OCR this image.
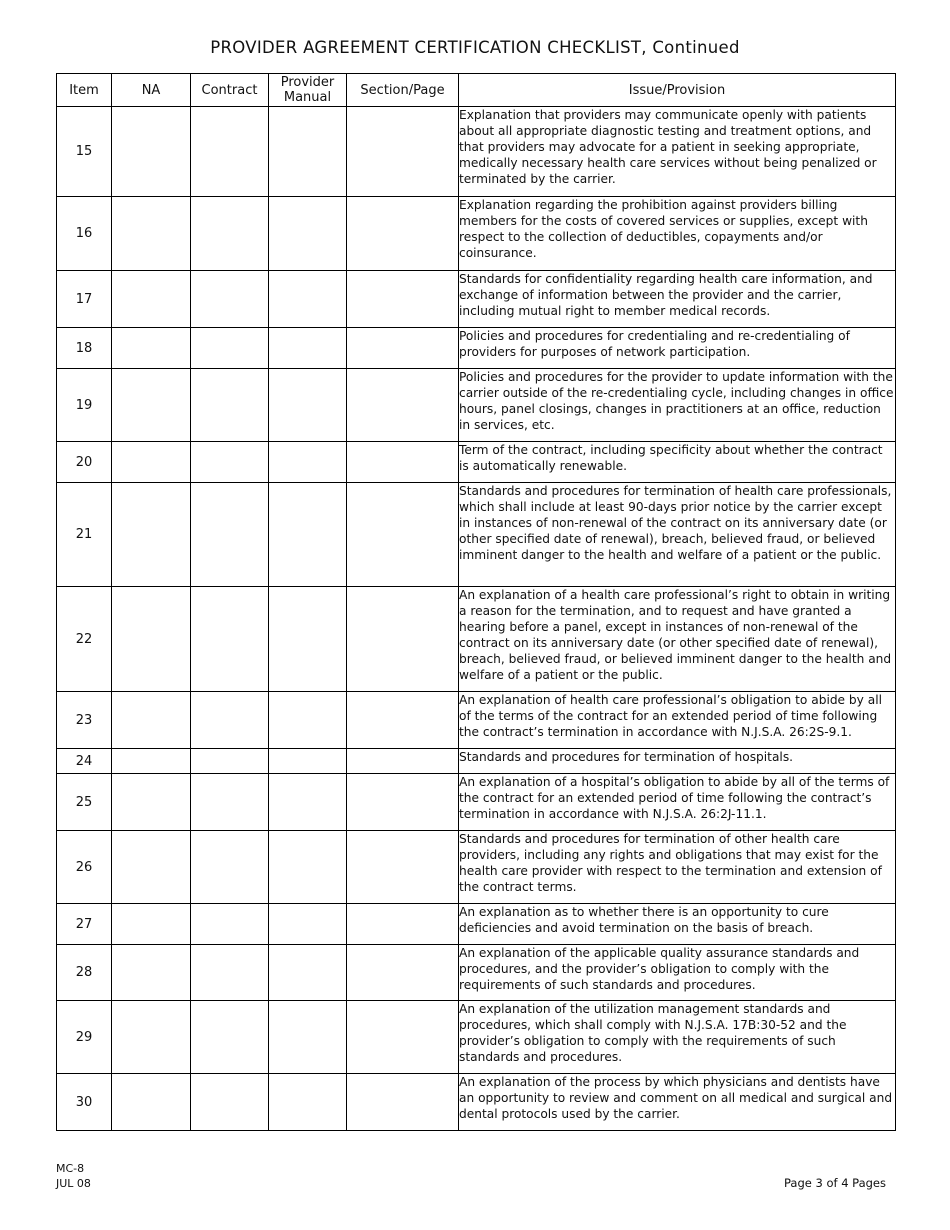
PROVIDER AGREEMENT CERTIFICATION CHECKLIST, Continued
Item	NA	Contract	Provider Manual	Section/Page	Issue/Provision
15					Explanation that providers may communicate openly with patients about all appropriate diagnostic testing and treatment options, and that providers may advocate for a patient in seeking appropriate, medically necessary health care services without being penalized or terminated by the carrier.
16					Explanation regarding the prohibition against providers billing members for the costs of covered services or supplies, except with respect to the collection of deductibles, copayments and/or coinsurance.
17					Standards for confidentiality regarding health care information, and exchange of information between the provider and the carrier, including mutual right to member medical records.
18					Policies and procedures for credentialing and re-credentialing of providers for purposes of network participation.
19					Policies and procedures for the provider to update information with the carrier outside of the re-credentialing cycle, including changes in office hours, panel closings, changes in practitioners at an office, reduction in services, etc.
20					Term of the contract, including specificity about whether the contract is automatically renewable.
21					Standards and procedures for termination of health care professionals, which shall include at least 90-days prior notice by the carrier except in instances of non-renewal of the contract on its anniversary date (or other specified date of renewal), breach, believed fraud, or believed imminent danger to the health and welfare of a patient or the public.
22					An explanation of a health care professional’s right to obtain in writing a reason for the termination, and to request and have granted a hearing before a panel, except in instances of non-renewal of the contract on its anniversary date (or other specified date of renewal), breach, believed fraud, or believed imminent danger to the health and welfare of a patient or the public.
23					An explanation of health care professional’s obligation to abide by all of the terms of the contract for an extended period of time following the contract’s termination in accordance with N.J.S.A. 26:2S-9.1.
24					Standards and procedures for termination of hospitals.
25					An explanation of a hospital’s obligation to abide by all of the terms of the contract for an extended period of time following the contract’s termination in accordance with N.J.S.A. 26:2J-11.1.
26					Standards and procedures for termination of other health care providers, including any rights and obligations that may exist for the health care provider with respect to the termination and extension of the contract terms.
27					An explanation as to whether there is an opportunity to cure deficiencies and avoid termination on the basis of breach.
28					An explanation of the applicable quality assurance standards and procedures, and the provider’s obligation to comply with the requirements of such standards and procedures.
29					An explanation of the utilization management standards and procedures, which shall comply with N.J.S.A. 17B:30-52 and the provider’s obligation to comply with the requirements of such standards and procedures.
30					An explanation of the process by which physicians and dentists have an opportunity to review and comment on all medical and surgical and dental protocols used by the carrier.
MC-8
JUL 08	Page 3 of 4 Pages
